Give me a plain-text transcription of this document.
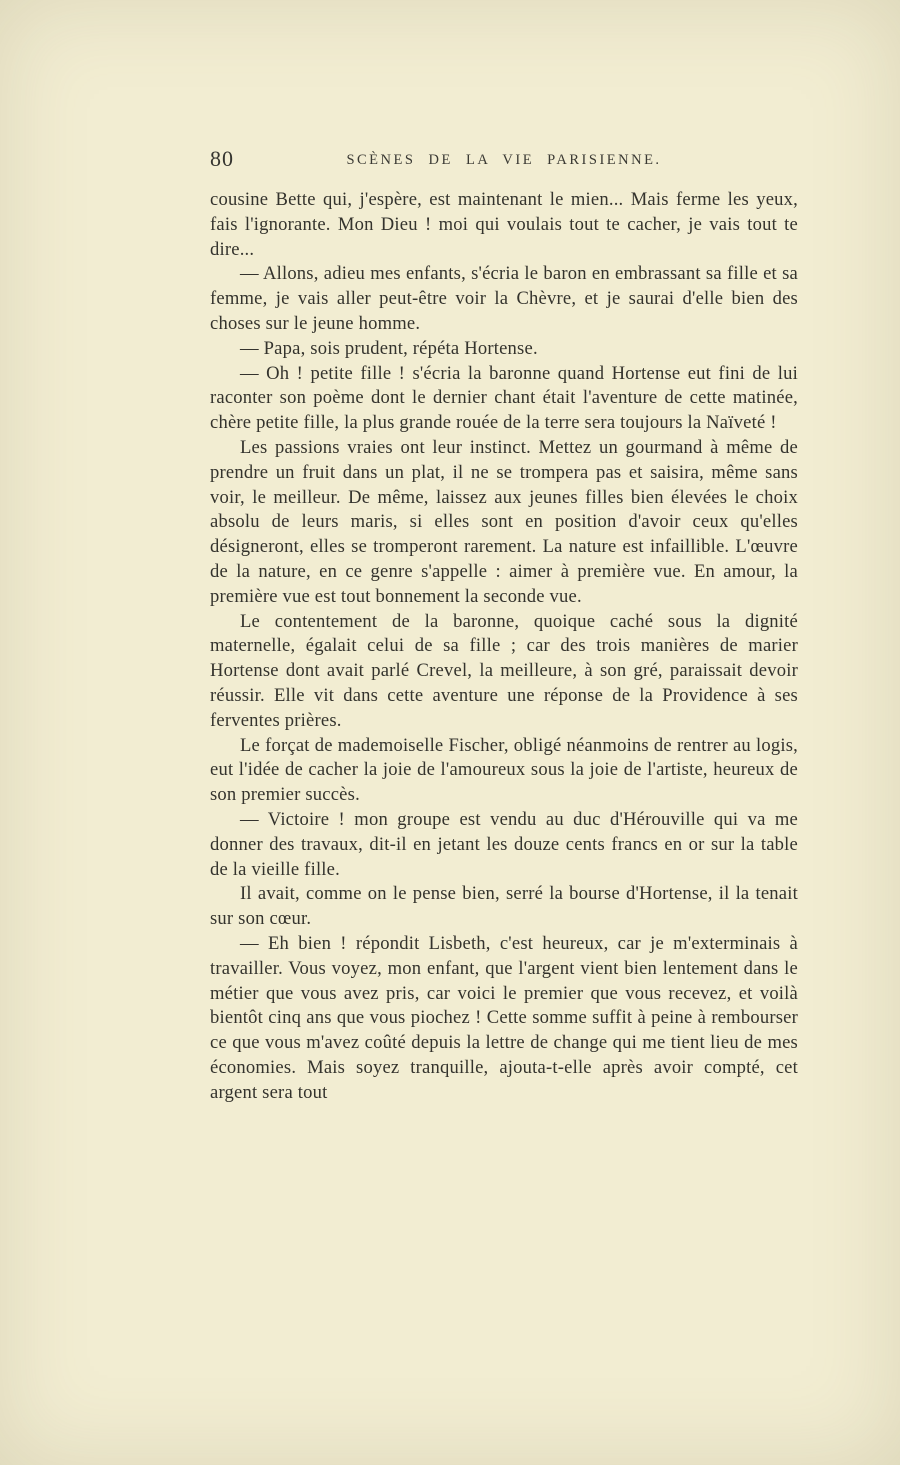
80	SCÈNES DE LA VIE PARISIENNE.

cousine Bette qui, j'espère, est maintenant le mien... Mais ferme les yeux, fais l'ignorante. Mon Dieu ! moi qui voulais tout te cacher, je vais tout te dire...

— Allons, adieu mes enfants, s'écria le baron en embrassant sa fille et sa femme, je vais aller peut-être voir la Chèvre, et je saurai d'elle bien des choses sur le jeune homme.

— Papa, sois prudent, répéta Hortense.

— Oh ! petite fille ! s'écria la baronne quand Hortense eut fini de lui raconter son poème dont le dernier chant était l'aventure de cette matinée, chère petite fille, la plus grande rouée de la terre sera toujours la Naïveté !

Les passions vraies ont leur instinct. Mettez un gourmand à même de prendre un fruit dans un plat, il ne se trompera pas et saisira, même sans voir, le meilleur. De même, laissez aux jeunes filles bien élevées le choix absolu de leurs maris, si elles sont en position d'avoir ceux qu'elles désigneront, elles se tromperont rarement. La nature est infaillible. L'œuvre de la nature, en ce genre s'appelle : aimer à première vue. En amour, la première vue est tout bonnement la seconde vue.

Le contentement de la baronne, quoique caché sous la dignité maternelle, égalait celui de sa fille ; car des trois manières de marier Hortense dont avait parlé Crevel, la meilleure, à son gré, paraissait devoir réussir. Elle vit dans cette aventure une réponse de la Providence à ses ferventes prières.

Le forçat de mademoiselle Fischer, obligé néanmoins de rentrer au logis, eut l'idée de cacher la joie de l'amoureux sous la joie de l'artiste, heureux de son premier succès.

— Victoire ! mon groupe est vendu au duc d'Hérouville qui va me donner des travaux, dit-il en jetant les douze cents francs en or sur la table de la vieille fille.

Il avait, comme on le pense bien, serré la bourse d'Hortense, il la tenait sur son cœur.

— Eh bien ! répondit Lisbeth, c'est heureux, car je m'exterminais à travailler. Vous voyez, mon enfant, que l'argent vient bien lentement dans le métier que vous avez pris, car voici le premier que vous recevez, et voilà bientôt cinq ans que vous piochez ! Cette somme suffit à peine à rembourser ce que vous m'avez coûté depuis la lettre de change qui me tient lieu de mes économies. Mais soyez tranquille, ajouta-t-elle après avoir compté, cet argent sera tout
